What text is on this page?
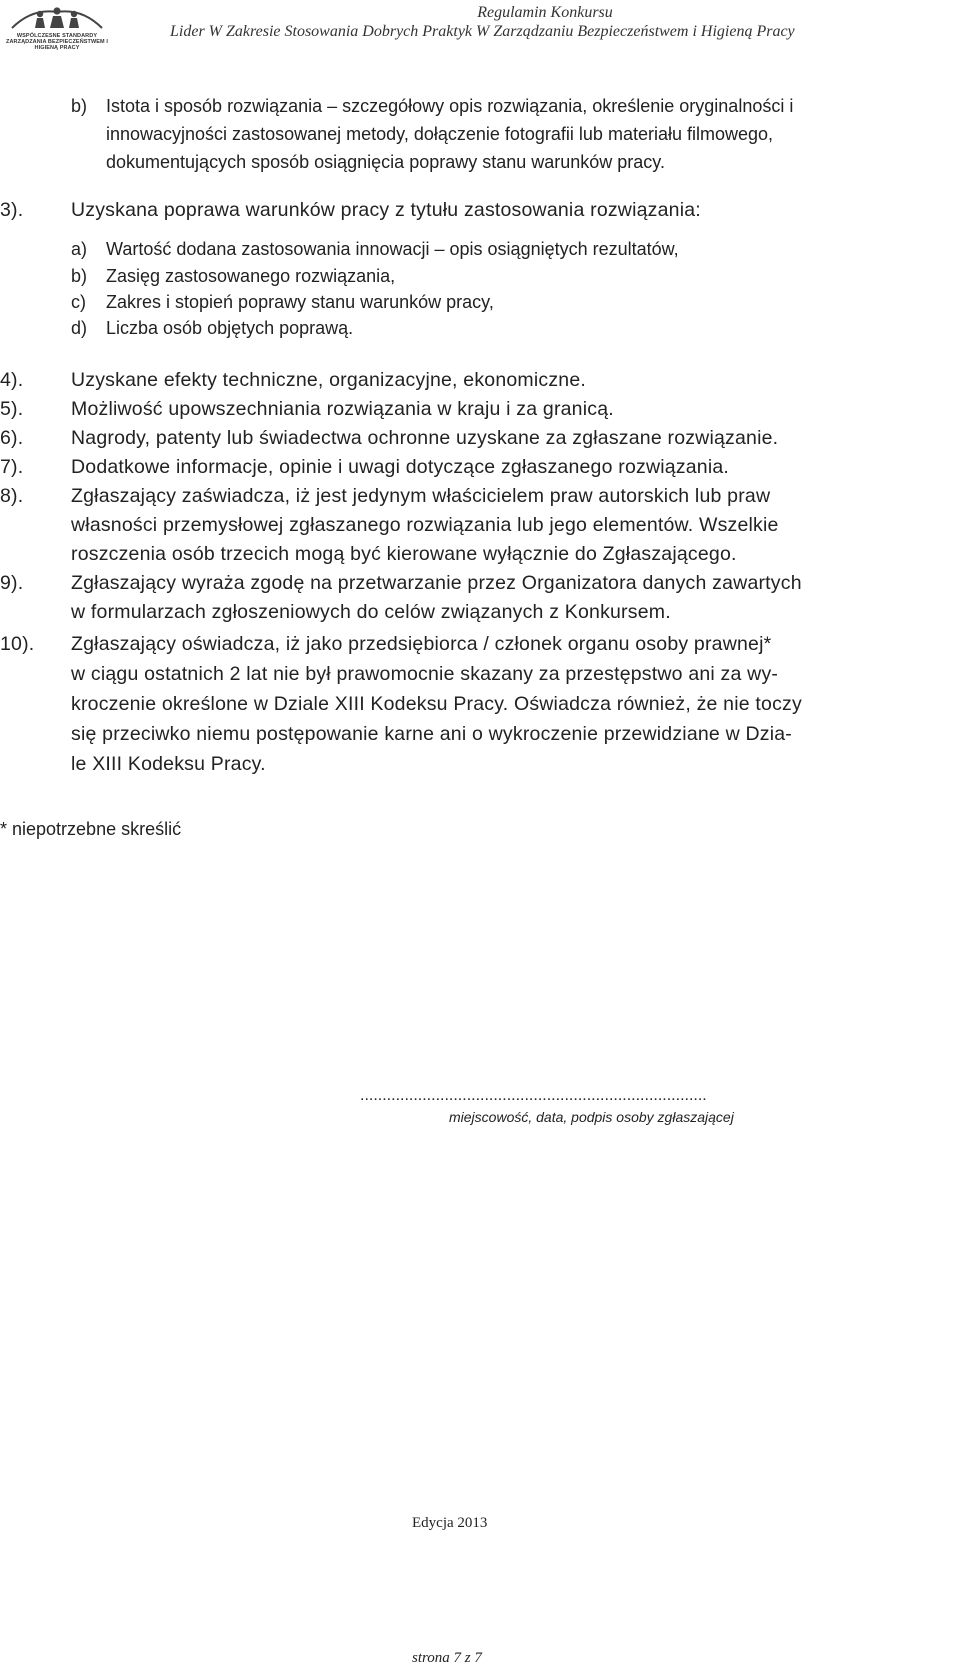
WSPÓLCZESNE STANDARDY ZARZĄDZANIA BEZPIECZEŃSTWEM I HIGIENĄ PRACY
Regulamin Konkursu
Lider W Zakresie Stosowania Dobrych Praktyk W Zarządzaniu Bezpieczeństwem i Higieną Pracy
b) Istota i sposób rozwiązania – szczegółowy opis rozwiązania, określenie oryginalności i innowacyjności zastosowanej metody, dołączenie fotografii lub materiału filmowego, dokumentujących sposób osiągnięcia poprawy stanu warunków pracy.
3). Uzyskana poprawa warunków pracy z tytułu zastosowania rozwiązania:
a) Wartość dodana zastosowania innowacji – opis osiągniętych rezultatów,
b) Zasięg zastosowanego rozwiązania,
c) Zakres i stopień poprawy stanu warunków pracy,
d) Liczba osób objętych poprawą.
4). Uzyskane efekty techniczne, organizacyjne, ekonomiczne.
5). Możliwość upowszechniania rozwiązania w kraju i za granicą.
6). Nagrody, patenty lub świadectwa ochronne uzyskane za zgłaszane rozwiązanie.
7). Dodatkowe informacje, opinie i uwagi dotyczące zgłaszanego rozwiązania.
8). Zgłaszający zaświadcza, iż jest jedynym właścicielem praw autorskich lub praw
własności przemysłowej zgłaszanego rozwiązania lub jego elementów. Wszelkie
roszczenia osób trzecich mogą być kierowane wyłącznie do Zgłaszającego.
9). Zgłaszający wyraża zgodę na przetwarzanie przez Organizatora danych zawartych
w formularzach zgłoszeniowych do celów związanych z Konkursem.
10). Zgłaszający oświadcza, iż jako przedsiębiorca / członek organu osoby prawnej*
w ciągu ostatnich 2 lat nie był prawomocnie skazany za przestępstwo ani za wy-
kroczenie określone w Dziale XIII Kodeksu Pracy. Oświadcza również, że nie toczy
się przeciwko niemu postępowanie karne ani o wykroczenie przewidziane w Dzia-
le XIII Kodeksu Pracy.
* niepotrzebne skreślić
..............................................................................
miejscowość, data, podpis osoby zgłaszającej
Edycja 2013
strona 7 z 7
